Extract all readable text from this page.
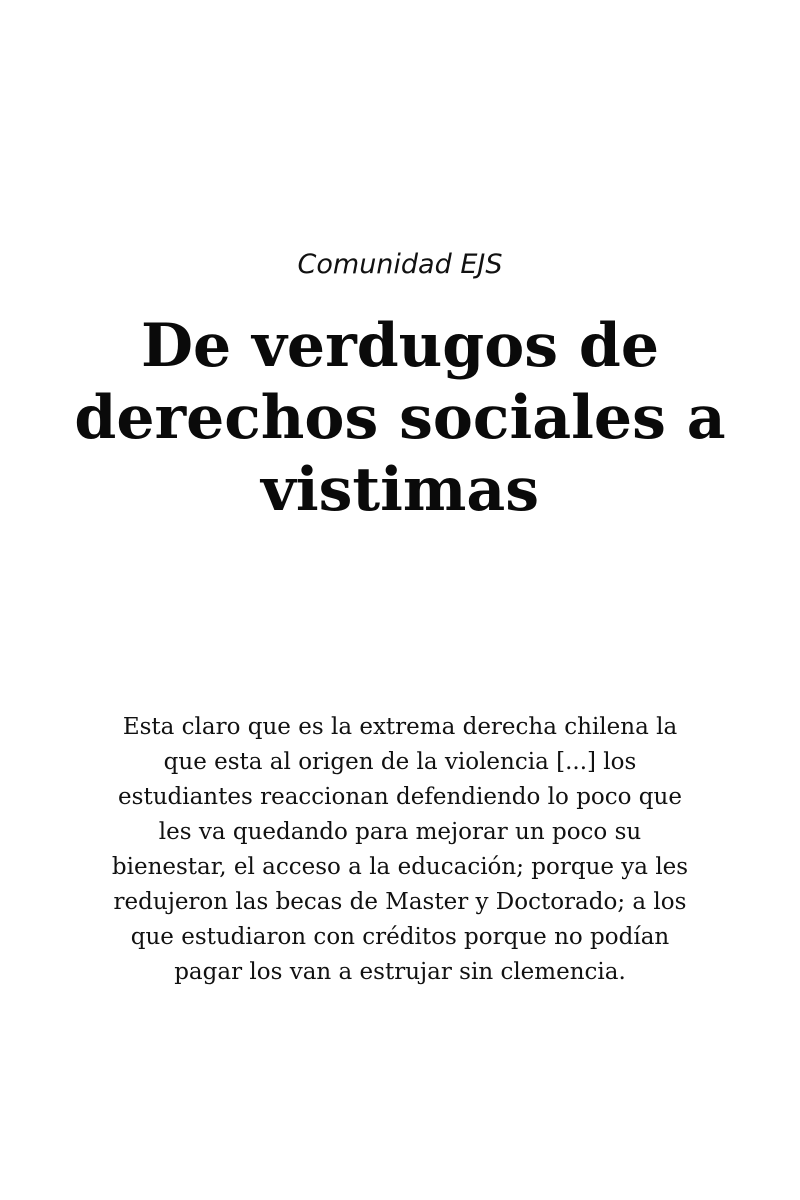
Comunidad EJS
De verdugos de derechos sociales a vistimas

Esta claro que es la extrema derecha chilena la que esta al origen de la violencia [...] los estudiantes reaccionan defendiendo lo poco que les va quedando para mejorar un poco su bienestar, el acceso a la educación; porque ya les redujeron las becas de Master y Doctorado; a los que estudiaron con créditos porque no podían pagar los van a estrujar sin clemencia.
